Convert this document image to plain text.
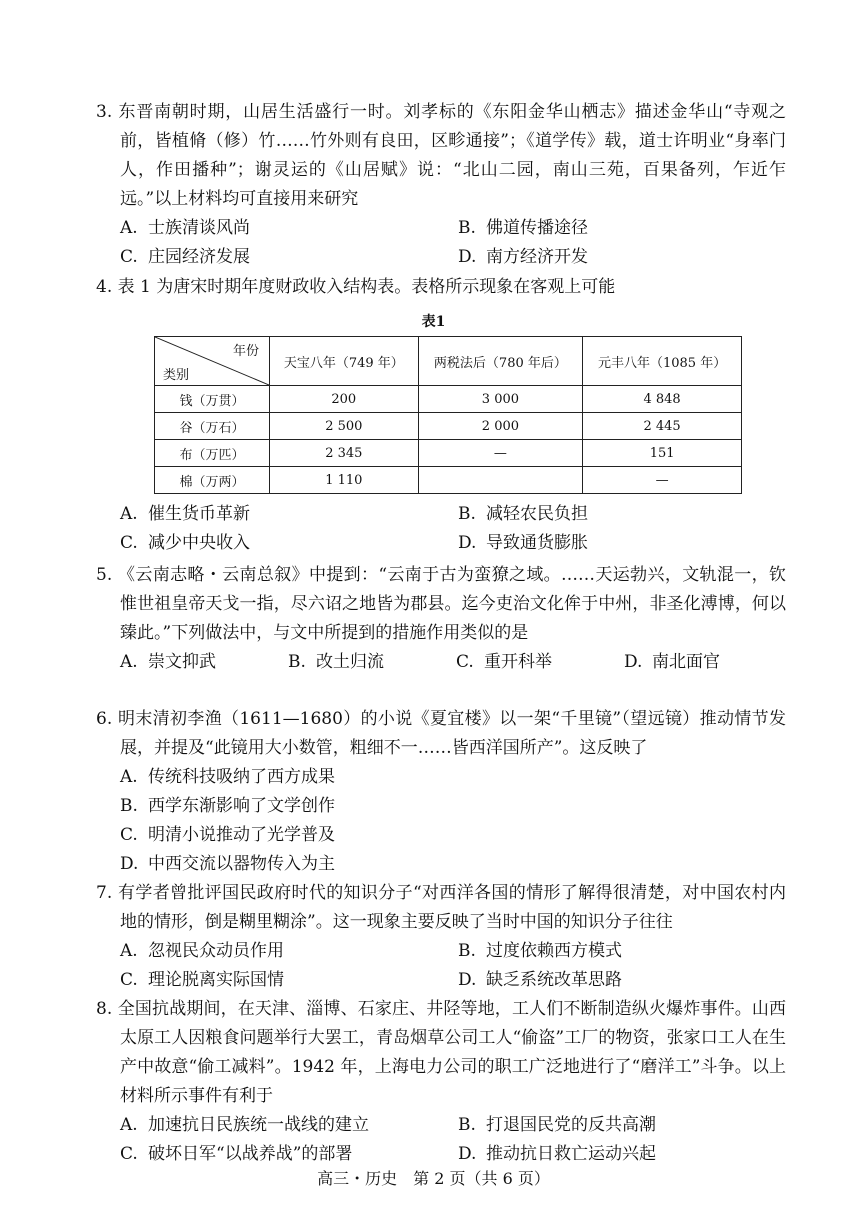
3. 东晋南朝时期，山居生活盛行一时。刘孝标的《东阳金华山栖志》描述金华山“寺观之前，皆植脩（修）竹……竹外则有良田，区畛通接”；《道学传》载，道士许明业“身率门人，作田播种”；谢灵运的《山居赋》说：“北山二园，南山三苑，百果备列，乍近乍远。”以上材料均可直接用来研究

A. 士族清谈风尚	B. 佛道传播途径
C. 庄园经济发展	D. 南方经济开发

4. 表 1 为唐宋时期年度财政收入结构表。表格所示现象在客观上可能

表1
年份
类别	天宝八年（749 年）	两税法后（780 年后）	元丰八年（1085 年）
钱（万贯）	200	3 000	4 848
谷（万石）	2 500	2 000	2 445
布（万匹）	2 345	—	151
棉（万两）	1 110		—
A. 催生货币革新	B. 减轻农民负担
C. 减少中央收入	D. 导致通货膨胀

5. 《云南志略・云南总叙》中提到：“云南于古为蛮獠之域。……天运勃兴，文轨混一，钦惟世祖皇帝天戈一指，尽六诏之地皆为郡县。迄今吏治文化侔于中州，非圣化溥博，何以臻此。”下列做法中，与文中所提到的措施作用类似的是

A. 崇文抑武	B. 改土归流	C. 重开科举	D. 南北面官

6. 明末清初李渔（1611—1680）的小说《夏宜楼》以一架“千里镜”（望远镜）推动情节发展，并提及“此镜用大小数管，粗细不一……皆西洋国所产”。这反映了

A. 传统科技吸纳了西方成果
B. 西学东渐影响了文学创作
C. 明清小说推动了光学普及
D. 中西交流以器物传入为主

7. 有学者曾批评国民政府时代的知识分子“对西洋各国的情形了解得很清楚，对中国农村内地的情形，倒是糊里糊涂”。这一现象主要反映了当时中国的知识分子往往

A. 忽视民众动员作用	B. 过度依赖西方模式
C. 理论脱离实际国情	D. 缺乏系统改革思路

8. 全国抗战期间，在天津、淄博、石家庄、井陉等地，工人们不断制造纵火爆炸事件。山西太原工人因粮食问题举行大罢工，青岛烟草公司工人“偷盗”工厂的物资，张家口工人在生产中故意“偷工减料”。1942 年，上海电力公司的职工广泛地进行了“磨洋工”斗争。以上材料所示事件有利于

A. 加速抗日民族统一战线的建立	B. 打退国民党的反共高潮
C. 破坏日军“以战养战”的部署	D. 推动抗日救亡运动兴起
高三・历史　第 2 页（共 6 页）
